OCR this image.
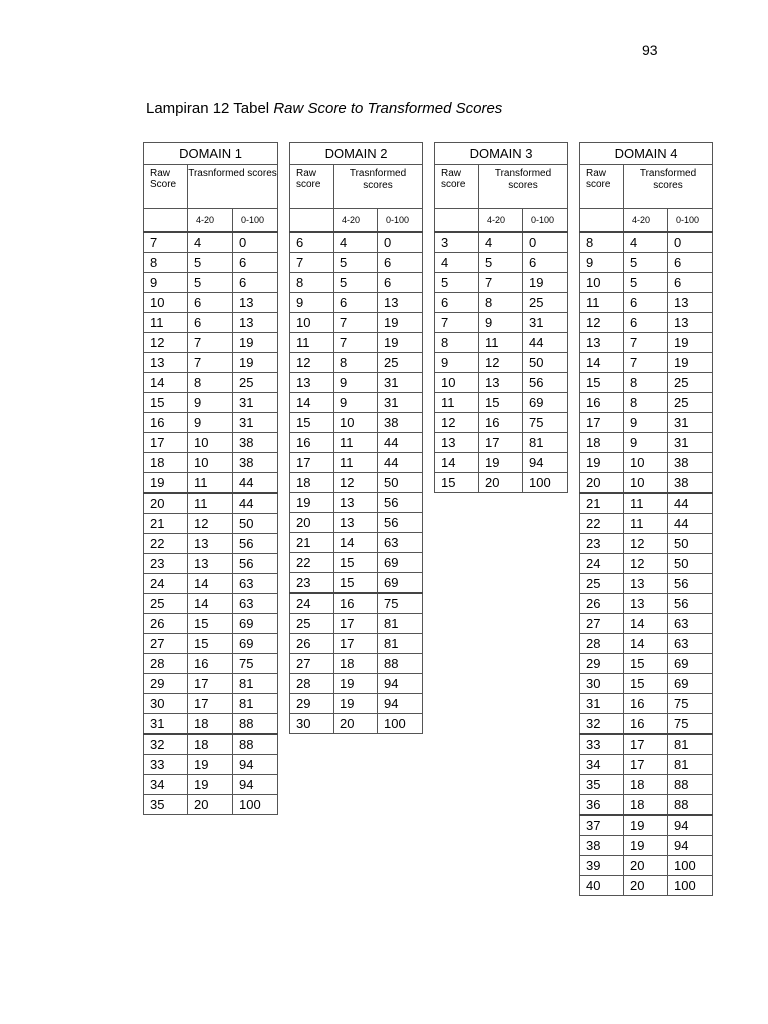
93
Lampiran 12 Tabel Raw Score to Transformed Scores
DOMAIN 1		
Raw Score	Trasnformed scores	
	4-20	0-100
7	4	0
8	5	6
9	5	6
10	6	13
11	6	13
12	7	19
13	7	19
14	8	25
15	9	31
16	9	31
17	10	38
18	10	38
19	11	44
20	11	44
21	12	50
22	13	56
23	13	56
24	14	63
25	14	63
26	15	69
27	15	69
28	16	75
29	17	81
30	17	81
31	18	88
32	18	88
33	19	94
34	19	94
35	20	100
DOMAIN 2		
Raw score	Trasnformed scores	
	4-20	0-100
6	4	0
7	5	6
8	5	6
9	6	13
10	7	19
11	7	19
12	8	25
13	9	31
14	9	31
15	10	38
16	11	44
17	11	44
18	12	50
19	13	56
20	13	56
21	14	63
22	15	69
23	15	69
24	16	75
25	17	81
26	17	81
27	18	88
28	19	94
29	19	94
30	20	100
DOMAIN 3		
Raw score	Transformed scores	
	4-20	0-100
3	4	0
4	5	6
5	7	19
6	8	25
7	9	31
8	11	44
9	12	50
10	13	56
11	15	69
12	16	75
13	17	81
14	19	94
15	20	100
DOMAIN 4		
Raw score	Transformed scores	
	4-20	0-100
8	4	0
9	5	6
10	5	6
11	6	13
12	6	13
13	7	19
14	7	19
15	8	25
16	8	25
17	9	31
18	9	31
19	10	38
20	10	38
21	11	44
22	11	44
23	12	50
24	12	50
25	13	56
26	13	56
27	14	63
28	14	63
29	15	69
30	15	69
31	16	75
32	16	75
33	17	81
34	17	81
35	18	88
36	18	88
37	19	94
38	19	94
39	20	100
40	20	100
